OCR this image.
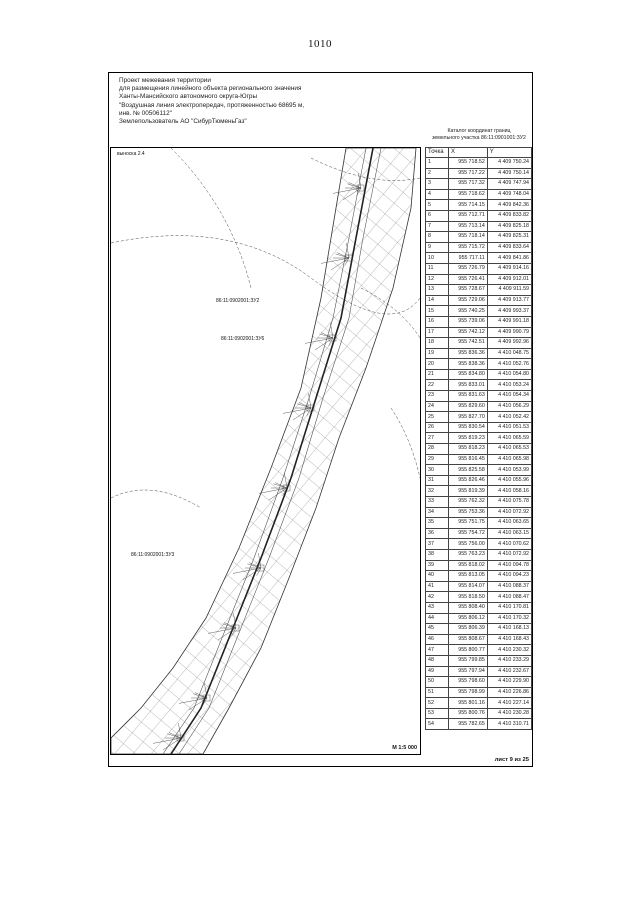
1010
Проект межевания территории
для размещения линейного объекта регионального значения
Ханты-Мансийского автономного округа-Югры
"Воздушная линия электропередач, протяженностью 68695 м,
инв. № 00506112"
Землепользователь АО "СибурТюменьГаз"
выноска 2.4
86:11:0902001:ЗУ2
86:11:0902001:ЗУ6
86:11:0902001:ЗУ3
М 1:5 000
Каталог координат границ
земельного участка 86:11:0901001:ЗУ2
Точка	X	Y
1	955 718.52	4 409 750.24
2	955 717.22	4 409 750.14
3	955 717.32	4 409 747.94
4	955 718.62	4 409 748.04
5	955 714.15	4 409 842.36
6	955 712.71	4 409 833.82
7	955 713.14	4 409 825.18
8	955 718.14	4 409 825.31
9	955 715.72	4 409 833.64
10	955 717.11	4 409 841.86
11	955 726.79	4 409 914.16
12	955 726.41	4 409 912.01
13	955 728.67	4 409 911.59
14	955 729.06	4 409 913.77
15	955 740.25	4 409 993.37
16	955 739.06	4 409 991.18
17	955 742.12	4 409 990.79
18	955 742.51	4 409 992.96
19	955 836.36	4 410 048.75
20	955 838.36	4 410 052.76
21	955 834.80	4 410 054.80
22	955 833.01	4 410 053.24
23	955 831.63	4 410 054.34
24	955 829.60	4 410 056.29
25	955 827.70	4 410 052.42
26	955 830.54	4 410 051.53
27	955 819.23	4 410 065.59
28	955 818.23	4 410 065.53
29	955 816.45	4 410 065.98
30	955 825.58	4 410 053.99
31	955 826.46	4 410 055.96
32	955 819.39	4 410 058.16
33	955 762.32	4 410 075.78
34	955 753.36	4 410 072.92
35	955 751.75	4 410 063.65
36	955 754.72	4 410 063.15
37	955 756.00	4 410 070.62
38	955 763.23	4 410 072.92
39	955 818.02	4 410 094.78
40	955 813.05	4 410 094.23
41	955 814.07	4 410 088.37
42	955 818.50	4 410 088.47
43	955 808.40	4 410 170.81
44	955 806.12	4 410 170.32
45	955 806.39	4 410 168.13
46	955 808.67	4 410 168.43
47	955 800.77	4 410 230.32
48	955 799.85	4 410 233.29
49	955 797.94	4 410 232.67
50	955 798.60	4 410 229.90
51	955 798.99	4 410 226.86
52	955 801.16	4 410 227.14
53	955 800.76	4 410 230.28
54	955 782.65	4 410 310.71
лист 9 из 25
